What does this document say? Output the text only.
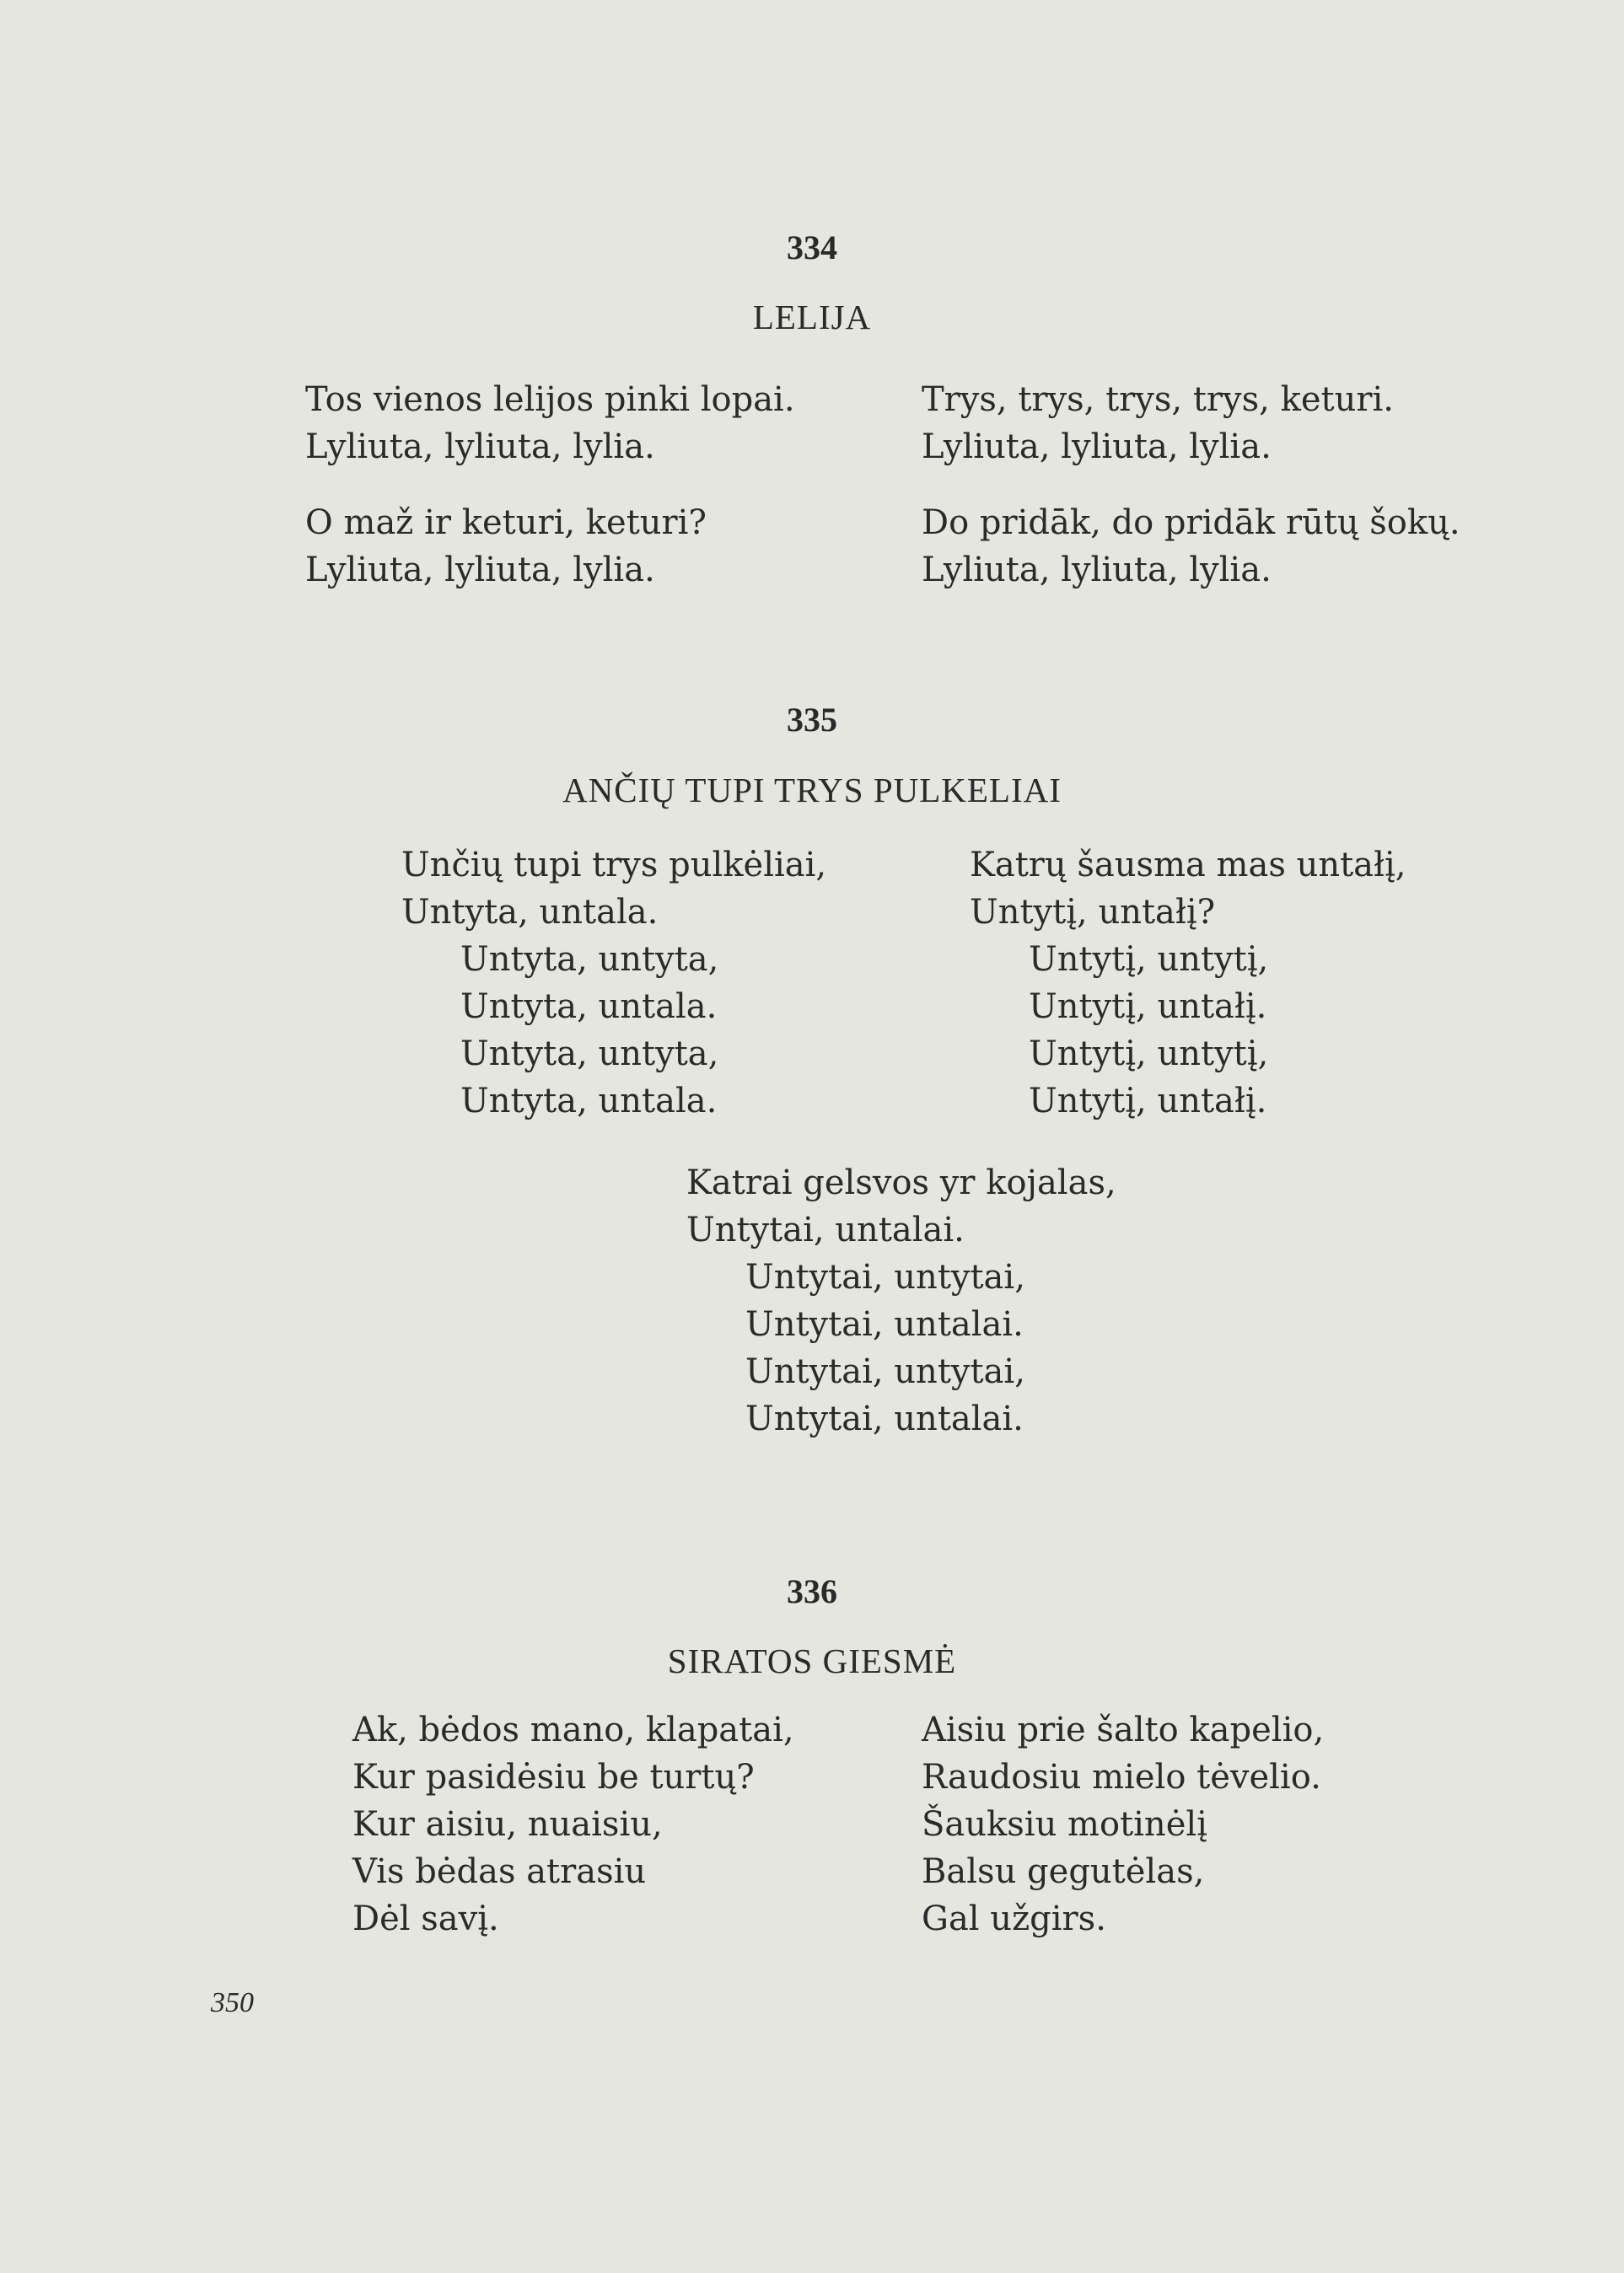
334
LELIJA
Tos vienos lelijos pinki lopai.
Lyliuta, lyliuta, lylia.
O mаž ir keturi, keturi?
Lyliuta, lyliuta, lylia.
Trys, trys, trys, trys, keturi.
Lyliuta, lyliuta, lylia.
Do pridāk, do pridāk rūtų šokų.
Lyliuta, lyliuta, lylia.
335
ANČIŲ TUPI TRYS PULKELIAI
Unčių tupi trys pulkėliai,
Untyta, untala.
Untyta, untyta,
Untyta, untala.
Untyta, untyta,
Untyta, untala.
Katrų šausma mas untałį,
Untytį, untałį?
Untytį, untytį,
Untytį, untałį.
Untytį, untytį,
Untytį, untałį.
Katrai gelsvos yr kojalas,
Untytai, untalai.
Untytai, untytai,
Untytai, untalai.
Untytai, untytai,
Untytai, untalai.
336
SIRATOS GIESMĖ
Ak, bėdos mano, klapatai,
Kur pasidėsiu be turtų?
Kur aisiu, nuaisiu,
Vis bėdas atrasiu
Dėl savį.
Aisiu prie šalto kapelio,
Raudosiu mielo tėvelio.
Šauksiu motinėlį
Balsu gegutėlas,
Gal užgirs.
350
